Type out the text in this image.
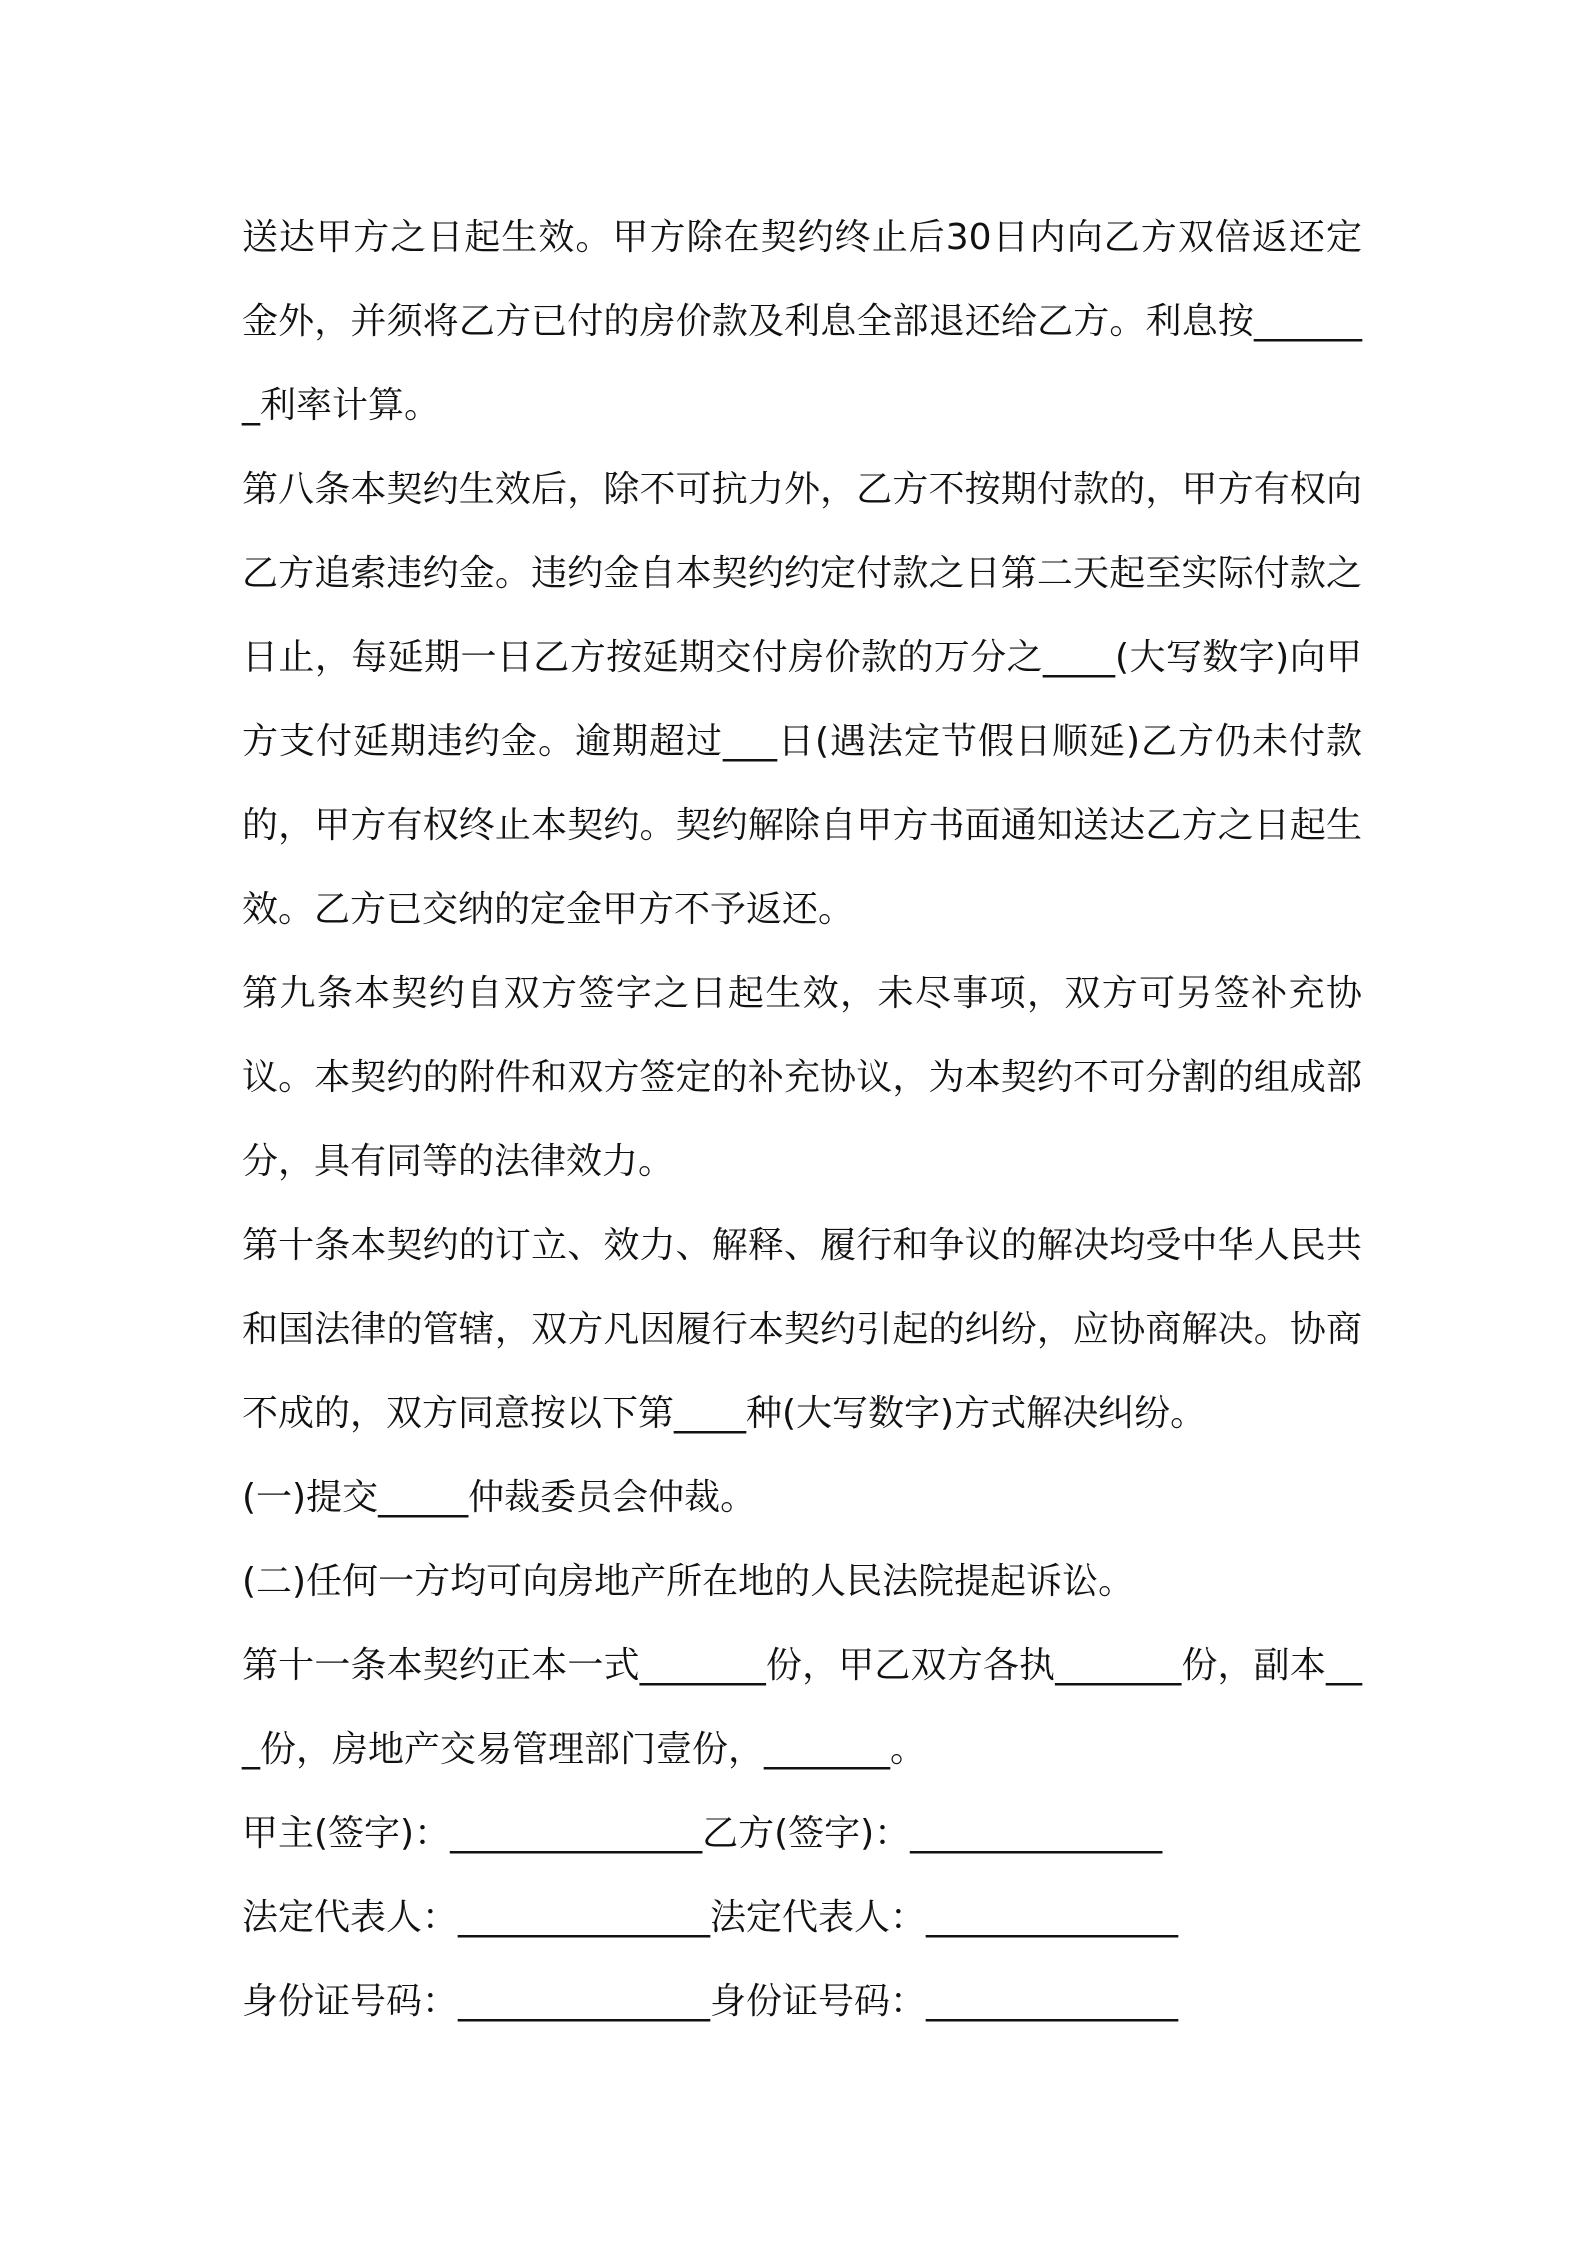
送达甲方之日起生效。甲方除在契约终止后30日内向乙方双倍返还定金外，并须将乙方已付的房价款及利息全部退还给乙方。利息按_______利率计算。

第八条本契约生效后，除不可抗力外，乙方不按期付款的，甲方有权向乙方追索违约金。违约金自本契约约定付款之日第二天起至实际付款之日止，每延期一日乙方按延期交付房价款的万分之____(大写数字)向甲方支付延期违约金。逾期超过___日(遇法定节假日顺延)乙方仍未付款的，甲方有权终止本契约。契约解除自甲方书面通知送达乙方之日起生效。乙方已交纳的定金甲方不予返还。

第九条本契约自双方签字之日起生效，未尽事项，双方可另签补充协议。本契约的附件和双方签定的补充协议，为本契约不可分割的组成部分，具有同等的法律效力。

第十条本契约的订立、效力、解释、履行和争议的解决均受中华人民共和国法律的管辖，双方凡因履行本契约引起的纠纷，应协商解决。协商不成的，双方同意按以下第____种(大写数字)方式解决纠纷。

(一)提交_____仲裁委员会仲裁。

(二)任何一方均可向房地产所在地的人民法院提起诉讼。

第十一条本契约正本一式_______份，甲乙双方各执_______份，副本___份，房地产交易管理部门壹份，_______。

甲主(签字)：______________乙方(签字)：______________

法定代表人：______________法定代表人：______________

身份证号码：______________身份证号码：______________
